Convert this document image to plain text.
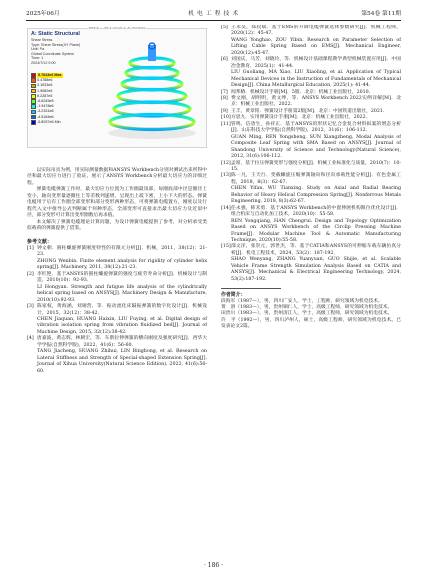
2025年06月	机 电 工 程 技 术	第54卷 第11期
A: Static Structural
Shear Stress
Type: Shear Stress(XY Plane)
Unit: Pa
Global Coordinate System
Time: 1
2024/7/12 9:00
5.7643e6 Max
4.4788e6
3.1933e6
1.9082e6
6.2287e5
-6.6245e5
-1.9478e6
-3.2331e6
-4.5184e6
-5.8037e6 Min

以实际吊具为例，用实际测量数据和ANSYS Workbench分别对测试出来所得中径和最大切应力进行了验证。展示了ANSYS Workbench分析最大切应力的详细过程。

弹簧电缆弹簧工作时，最大切应力位置为工作圈最顶部，每圈底部中径是圈径上变小，轴向变形量逐圈往上等差数列递增，呈现出上疏下密，上小下大的形态。弹簧电缆用于后有工作圈全部变形和部分变形两种形态，可将弹簧电缆置方，刚度以及行程代入文中推导公式判断属于何种形态，全部变形可直接求出最大切应力及近似中径，部分变形可计算出变形圈数后再求值。

本文解决了弹簧电缆理论计算问题，为设计弹簧电缆提供了参考，对分析承受类似载荷的弹簧提供了借鉴。

参考文献：
[1] 钟文朝．圆柱螺旋弹簧刚度特性的有限元分析[J]．机械，2011，38(12)：21-23．
ZHONG Wenbin. Finite element analysis for rigidity of cylinder helix spring[J]. Machinery, 2011, 38(12):21-23.
[2] 李红艳．基于ANSYS的圆柱螺旋弹簧的强度与疲劳寿命分析[J]．机械设计与制造，2010(10)：92-93．
LI Hongyan. Strength and fatigue life analysis of the cylindrically helical spring based on ANSYS[J]. Machinery Design & Manufacture, 2010(10):92-93.
[3] 陈家权，黄海涵，刘锡营，等．振动流化床隔振弹簧的数字化设计[J]．机械设计，2015，32(12)：38-42．
CHEN Jiaquan, HUANG Haixin, LIU Fuying, et al. Digital design of vibration isolation spring from vibration fluidized bed[J]. Journal of Machine Design, 2015, 32(12):38-42.
[4] 唐嘉波，黄志辉，林朝宏，等．车削拉伸弹簧的横向刚度及强度研究[J]．西华大学学报(自然科学版)，2022，41(6)：56-60．
TANG Jiacheng, HUANG Zhihui, LIN Binghong, et al. Research on Lateral Stiffness and Strength of Special-shaped Extension Spring[J]. Journal of Xihua University(Natural Science Edition), 2022, 41(6):56-60.
[5] 王永昊，郑叔斌．基于EMS的升降电缆弹簧选择参数研究[J]．机械工程师，2020(12)：45-47．
WANG Yonghao, ZOU Yibin. Research on Parameter Selection of Lifting Cable Spring Based on EMS[J]. Mechanical Engineer, 2020(12):45-47.
[6] 刘国庆，马芳，刘晓玲，等．机械设计基础课程教学典型机械装置应用[J]．中国冶金教育，2025(1)：41-44．
LIU Guoliang, MA Xiao, LIU Xiaoling, et al. Application of Typical Mechanical Devices in the Instruction of Fundamentals of Mechanical Design[J]. China Metallurgical Education, 2025(1): 41-44.
[7] 闻邦椿．机械设计手册[M]．5版．北京：机械工业出版社，2010．
[8] 费文刚，胡明明，黄文坤，等．ANSYS Workbench 2022实例详解[M]．北京：机械工业出版社，2022．
[9] 王丰，黄章铭．弹簧设计手册第2版[M]．北京：中国铁道出版社，2021．
[10] 方思九．实用弹簧设计手册[M]．北京：机械工业出版社，2022．
[11] 管鸣，信唐生，孙祥正．基于ANSYS的形状记忆合金复合材料拟案的增态分析[J]．山东科技大学学报(自然科学版)，2012，31(6)：106-112．
GUAN Ming, REN Yongsheng, SUN Xiangzheng. Modal Analysis of Composite Leaf Spring with SMA Based on ANSYS[J]. Journal of Shandong University of Science and Technology(Natural Science), 2012, 31(6):106-112.
[12] 孟席，基于拉压弹簧变形与强度分析[J]．机械工业标准化与质量，2010(7)：10-15．
[13] 陈一凡，王天行．变截螺旋压缩弹簧轴向和径向承载性能分析[J]．有色金属工程，2018，8(3)：62-67．
CHEN Yifan, WU Tianxing. Study on Axial and Radial Bearing Behavior of Heavy Helical Compression Spring[J]. Nonferrous Metals Engineering, 2018, 8(3):62-67.
[14] 任永强，韩禾勇．基于ANSYS Workbench的中置伸展机构限位优化设计[J]．组合机床与自动化加工技术，2020(10)：55-58．
REN Yongqiang, HAN Chengrui. Design and Topology Optimization Based on ANSYS Workbench of the Circlip Pressing Machine Frame[J]. Modular Machine Tool & Automatic Manufacturing Technique, 2020(10):55-58.
[15] 邵文洋，张崇元，郭世杰，等．基于CATIA和ANSYS的可伸缩车载车辆仿真分析[J]．机电工程技术，2024，53(2)：187-192．
SHAO Wenyang, ZHANG Yuanyuan, GUO Shijie, et al. Scalable Vehicle Frame Strength Simulation Analysis Based on CATIA and ANSYS[J]. Mechanical & Electrical Engineering Technology, 2024, 53(2):187-192.
作者简介：

段海军（1987—），男，四川广安人，学士，工程师，研究领域为机电技术。

黄　溶（1983—），男，贵州铜仁人，学士，高级工程师，研究领域为机电技术。

田贵川（1983—），男，贵州清江人，学士，高级工程师，研究领域为机电技术。

许　平（1992—），男，四川泸州人，硕士，高级工程师，研究领域为机电技术。已发表论文2篇。

· 186 ·
